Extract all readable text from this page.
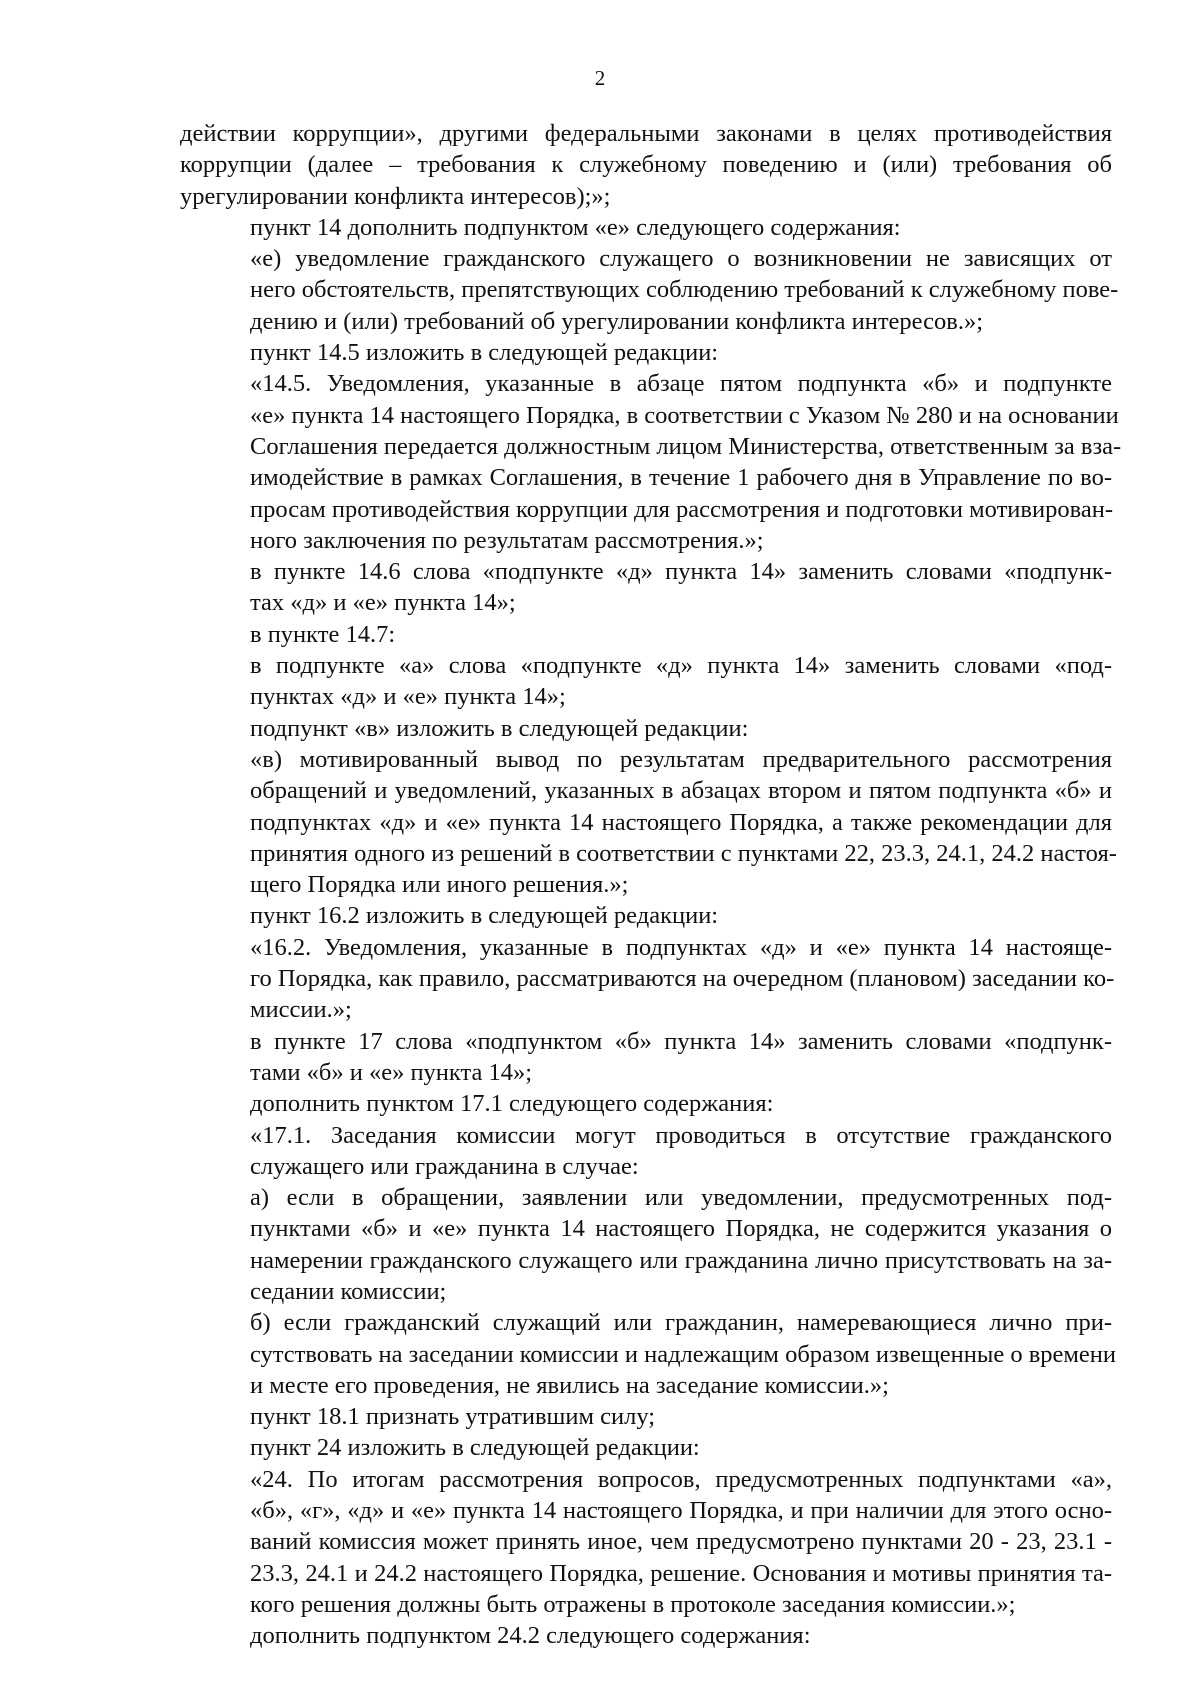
2

действии коррупции», другими федеральными законами в целях противодействия
коррупции (далее – требования к служебному поведению и (или) требования об
урегулировании конфликта интересов);»;

пункт 14 дополнить подпунктом «е» следующего содержания:

«е) уведомление гражданского служащего о возникновении не зависящих от
него обстоятельств, препятствующих соблюдению требований к служебному пове-
дению и (или) требований об урегулировании конфликта интересов.»;

пункт 14.5 изложить в следующей редакции:

«14.5. Уведомления, указанные в абзаце пятом подпункта «б» и подпункте
«е» пункта 14 настоящего Порядка, в соответствии с Указом № 280 и на основании
Соглашения передается должностным лицом Министерства, ответственным за вза-
имодействие в рамках Соглашения, в течение 1 рабочего дня в Управление по во-
просам противодействия коррупции для рассмотрения и подготовки мотивирован-
ного заключения по результатам рассмотрения.»;

в пункте 14.6 слова «подпункте «д» пункта 14» заменить словами «подпунк-
тах «д» и «е» пункта 14»;

в пункте 14.7:

в подпункте «а» слова «подпункте «д» пункта 14» заменить словами «под-
пунктах «д» и «е» пункта 14»;

подпункт «в» изложить в следующей редакции:

«в) мотивированный вывод по результатам предварительного рассмотрения
обращений и уведомлений, указанных в абзацах втором и пятом подпункта «б» и
подпунктах «д» и «е» пункта 14 настоящего Порядка, а также рекомендации для
принятия одного из решений в соответствии с пунктами 22, 23.3, 24.1, 24.2 настоя-
щего Порядка или иного решения.»;

пункт 16.2 изложить в следующей редакции:

«16.2. Уведомления, указанные в подпунктах «д» и «е» пункта 14 настояще-
го Порядка, как правило, рассматриваются на очередном (плановом) заседании ко-
миссии.»;

в пункте 17 слова «подпунктом «б» пункта 14» заменить словами «подпунк-
тами «б» и «е» пункта 14»;

дополнить пунктом 17.1 следующего содержания:

«17.1. Заседания комиссии могут проводиться в отсутствие гражданского
служащего или гражданина в случае:

а) если в обращении, заявлении или уведомлении, предусмотренных под-
пунктами «б» и «е» пункта 14 настоящего Порядка, не содержится указания о
намерении гражданского служащего или гражданина лично присутствовать на за-
седании комиссии;

б) если гражданский служащий или гражданин, намеревающиеся лично при-
сутствовать на заседании комиссии и надлежащим образом извещенные о времени
и месте его проведения, не явились на заседание комиссии.»;

пункт 18.1 признать утратившим силу;

пункт 24 изложить в следующей редакции:

«24. По итогам рассмотрения вопросов, предусмотренных подпунктами «а»,
«б», «г», «д» и «е» пункта 14 настоящего Порядка, и при наличии для этого осно-
ваний комиссия может принять иное, чем предусмотрено пунктами 20 - 23, 23.1 -
23.3, 24.1 и 24.2 настоящего Порядка, решение. Основания и мотивы принятия та-
кого решения должны быть отражены в протоколе заседания комиссии.»;

дополнить подпунктом 24.2 следующего содержания:
